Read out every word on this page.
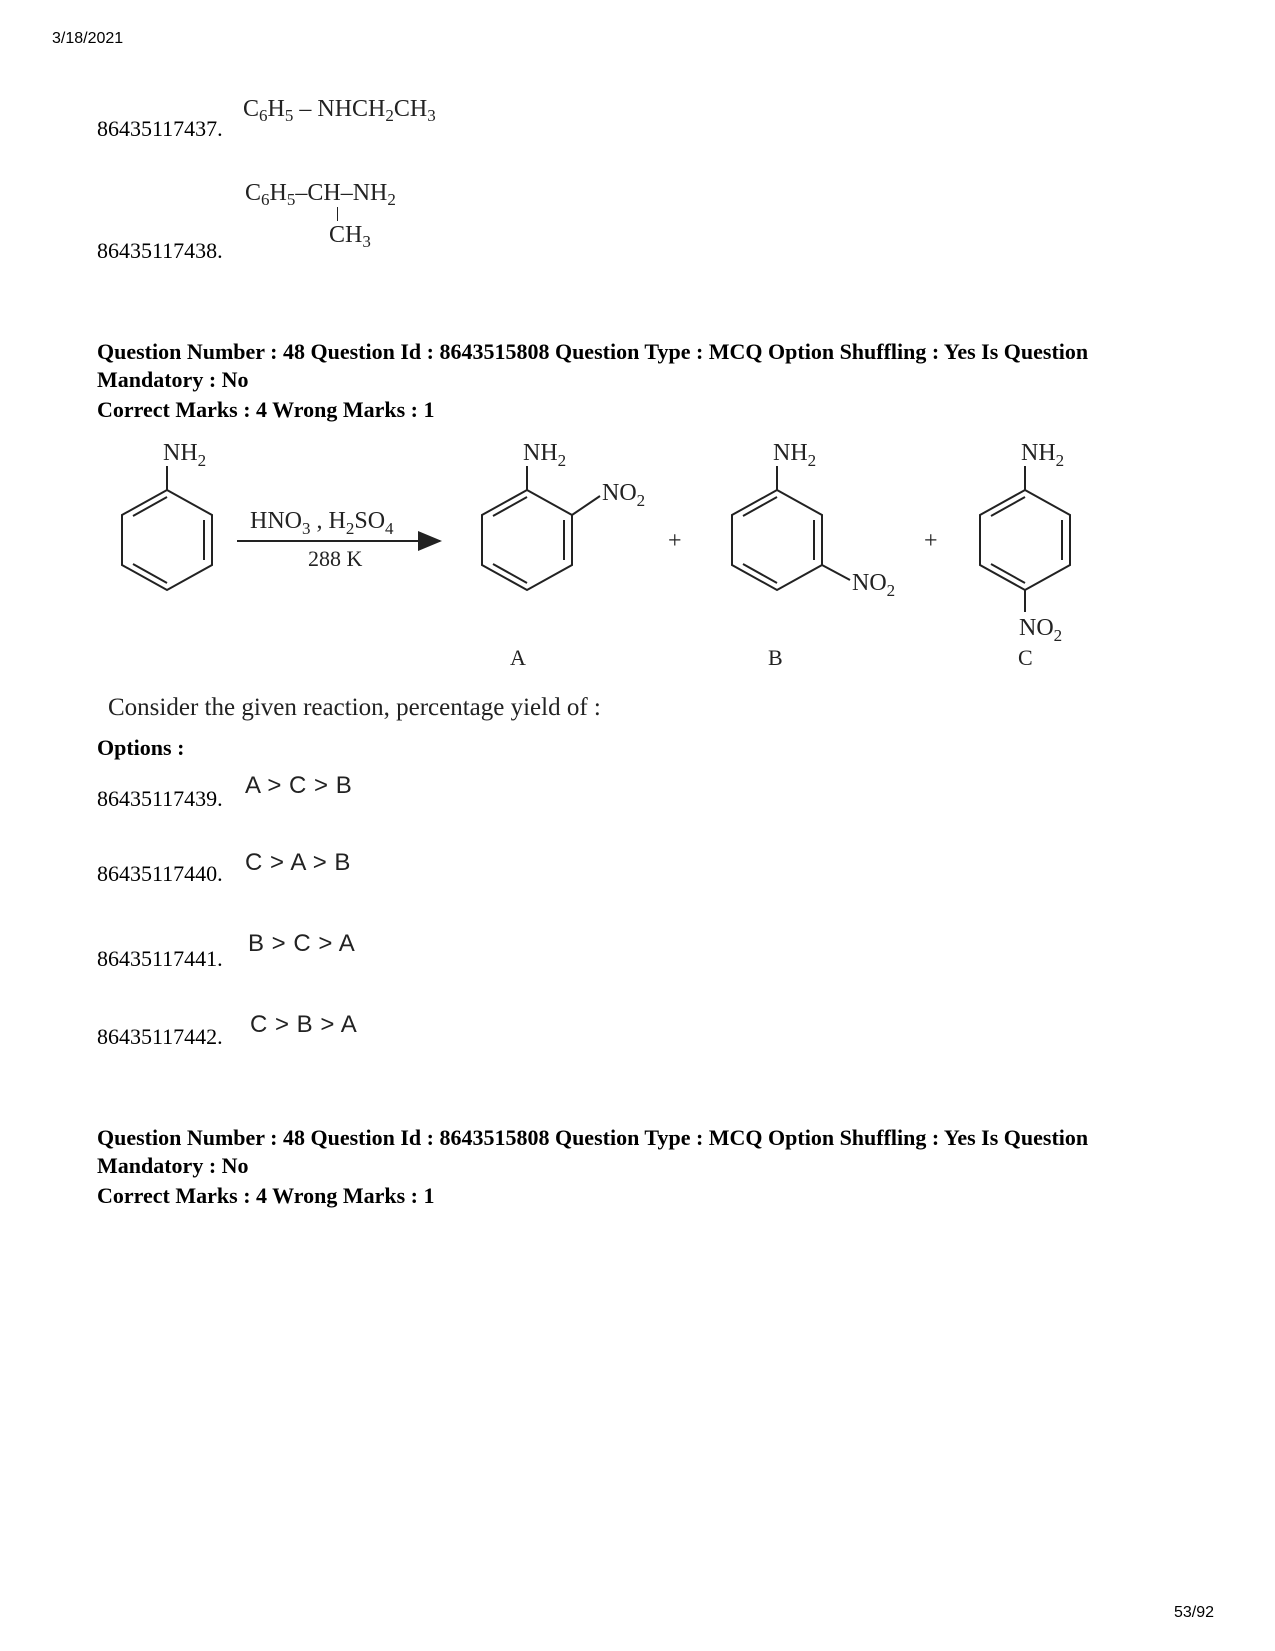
3/18/2021
86435117437.
$C_6H_5$ – $NHCH_2CH_3$
86435117438.
$C_6H_5-CH-NH_2$
$CH_3$
Question Number : 48 Question Id : 8643515808 Question Type : MCQ Option Shuffling : Yes Is Question Mandatory : No
Correct Marks : 4 Wrong Marks : 1
$NH_2$
$HNO_3$ , $H_2SO_4$
288 K
$NH_2$
$NO_2$
A
+
$NH_2$
$NO_2$
B
+
$NH_2$
$NO_2$
C
Consider the given reaction, percentage yield of :
Options :
86435117439. A > C > B
86435117440. C > A > B
86435117441.
B > C > A
86435117442. C > B > A
Question Number : 48 Question Id : 8643515808 Question Type : MCQ Option Shuffling : Yes Is Question Mandatory : No
Correct Marks : 4 Wrong Marks : 1
53/92
